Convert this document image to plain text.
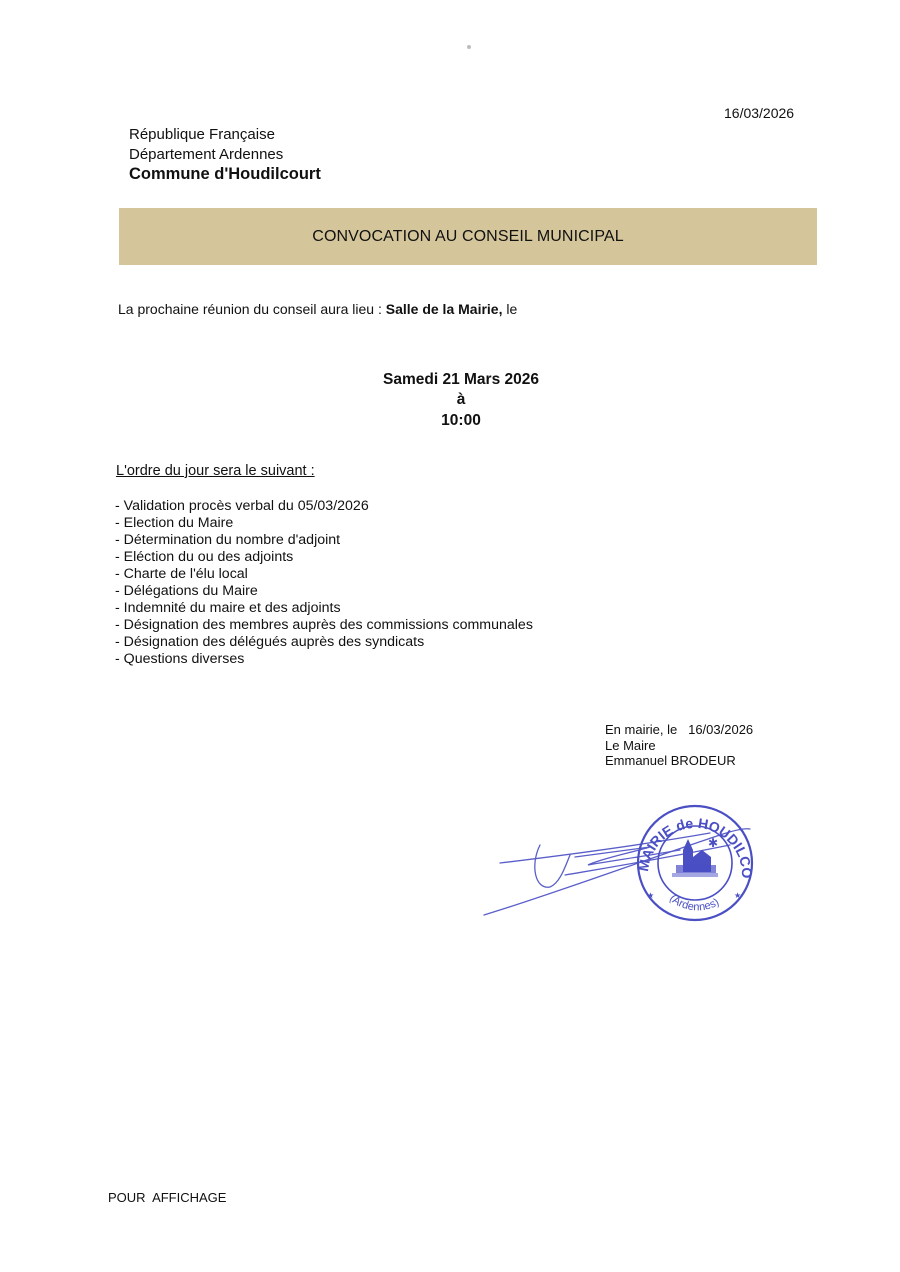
16/03/2026
République Française
Département Ardennes
Commune d'Houdilcourt
CONVOCATION AU CONSEIL MUNICIPAL
La prochaine réunion du conseil aura lieu : Salle de la Mairie, le
Samedi 21 Mars 2026
à
10:00
L'ordre du jour sera le suivant :
- Validation procès verbal du 05/03/2026
- Election du Maire
- Détermination du nombre d'adjoint
- Eléction du ou des adjoints
- Charte de l'élu local
- Délégations du Maire
- Indemnité du maire et des adjoints
- Désignation des membres auprès des commissions communales
- Désignation des délégués auprès des syndicats
- Questions diverses
En mairie, le   16/03/2026
Le Maire
Emmanuel BRODEUR
MAIRIE de HOUDILCO
(Ardennes)
✱
★	★
POUR  AFFICHAGE
